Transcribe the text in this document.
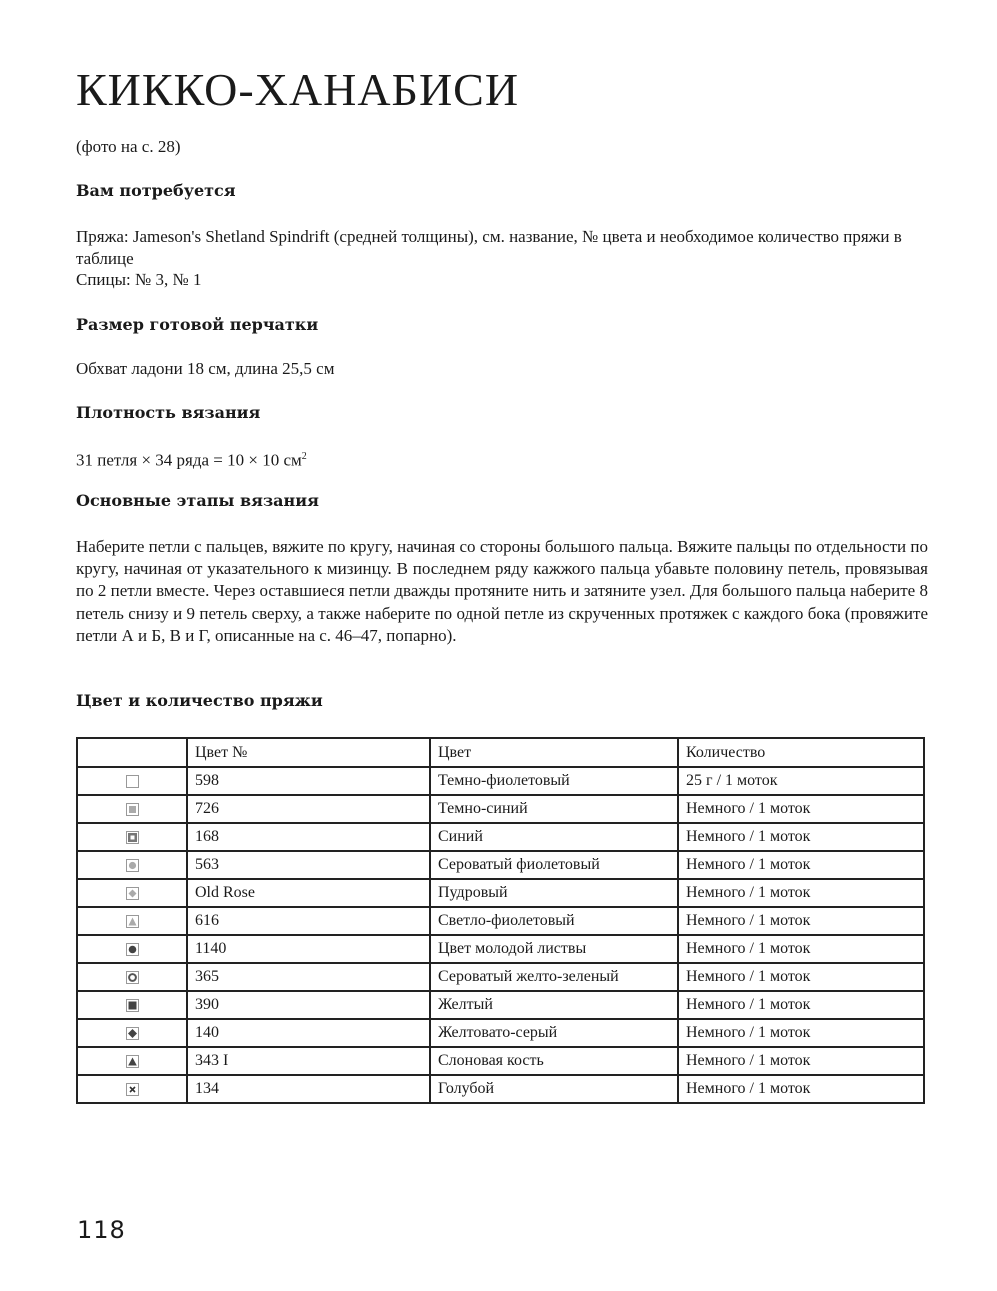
КИККО-ХАНАБИСИ

(фото на с. 28)

Вам потребуется

Пряжа: Jameson's Shetland Spindrift (средней толщины), см. название, № цвета и необходимое количество пряжи в таблице

Спицы: № 3, № 1

Размер готовой перчатки

Обхват ладони 18 см, длина 25,5 см

Плотность вязания

31 петля × 34 ряда = 10 × 10 $см^2$

Основные этапы вязания

Наберите петли с пальцев, вяжите по кругу, начиная со стороны большого пальца. Вяжите пальцы по отдельности по кругу, начиная от указательного к мизинцу. В последнем ряду кажжого пальца убавьте половину петель, провязывая по 2 петли вместе. Через оставшиеся петли дважды протяните нить и затяните узел. Для большого пальца наберите 8 петель снизу и 9 петель сверху, а также наберите по одной петле из скрученных протяжек с каждого бока (провяжите петли А и Б, В и Г, описанные на с. 46–47, попарно).

Цвет и количество пряжи
	Цвет №	Цвет	Количество

	598	Темно-фиолетовый	25 г / 1 моток

	726	Темно-синий	Немного / 1 моток

	168	Синий	Немного / 1 моток

	563	Сероватый фиолетовый	Немного / 1 моток

	Old Rose	Пудровый	Немного / 1 моток

	616	Светло-фиолетовый	Немного / 1 моток

	1140	Цвет молодой листвы	Немного / 1 моток

	365	Сероватый желто-зеленый	Немного / 1 моток

	390	Желтый	Немного / 1 моток

	140	Желтовато-серый	Немного / 1 моток

	343 I	Слоновая кость	Немного / 1 моток

	134	Голубой	Немного / 1 моток
118
